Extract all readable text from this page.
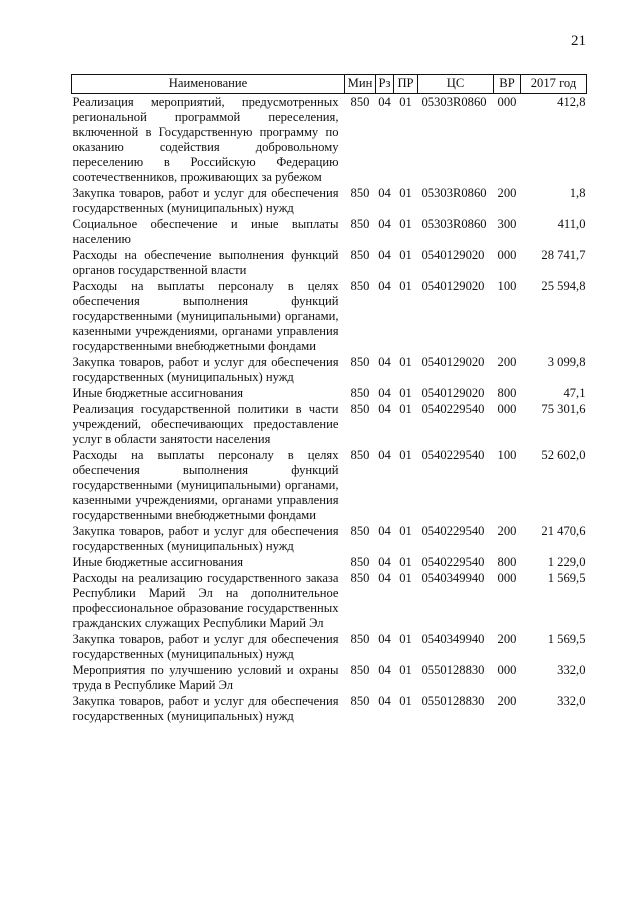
21
Наименование	Мин	Рз	ПР	ЦС	ВР	2017 год
Реализация мероприятий, предусмотренных региональной программой переселения, включенной в Государственную программу по оказанию содействия добровольному переселению в Российскую Федерацию соотечественников, проживающих за рубежом	850	04	01	05303R0860	000	412,8
Закупка товаров, работ и услуг для обеспечения государственных (муниципальных) нужд	850	04	01	05303R0860	200	1,8
Социальное обеспечение и иные выплаты населению	850	04	01	05303R0860	300	411,0
Расходы на обеспечение выполнения функций органов государственной власти	850	04	01	0540129020	000	28 741,7
Расходы на выплаты персоналу в целях обеспечения выполнения функций государственными (муниципальными) органами, казенными учреждениями, органами управления государственными внебюджетными фондами	850	04	01	0540129020	100	25 594,8
Закупка товаров, работ и услуг для обеспечения государственных (муниципальных) нужд	850	04	01	0540129020	200	3 099,8
Иные бюджетные ассигнования	850	04	01	0540129020	800	47,1
Реализация государственной политики в части учреждений, обеспечивающих предоставление услуг в области занятости населения	850	04	01	0540229540	000	75 301,6
Расходы на выплаты персоналу в целях обеспечения выполнения функций государственными (муниципальными) органами, казенными учреждениями, органами управления государственными внебюджетными фондами	850	04	01	0540229540	100	52 602,0
Закупка товаров, работ и услуг для обеспечения государственных (муниципальных) нужд	850	04	01	0540229540	200	21 470,6
Иные бюджетные ассигнования	850	04	01	0540229540	800	1 229,0
Расходы на реализацию государственного заказа Республики Марий Эл на дополнительное профессиональное образование государственных гражданских служащих Республики Марий Эл	850	04	01	0540349940	000	1 569,5
Закупка товаров, работ и услуг для обеспечения государственных (муниципальных) нужд	850	04	01	0540349940	200	1 569,5
Мероприятия по улучшению условий и охраны труда в Республике Марий Эл	850	04	01	0550128830	000	332,0
Закупка товаров, работ и услуг для обеспечения государственных (муниципальных) нужд	850	04	01	0550128830	200	332,0
